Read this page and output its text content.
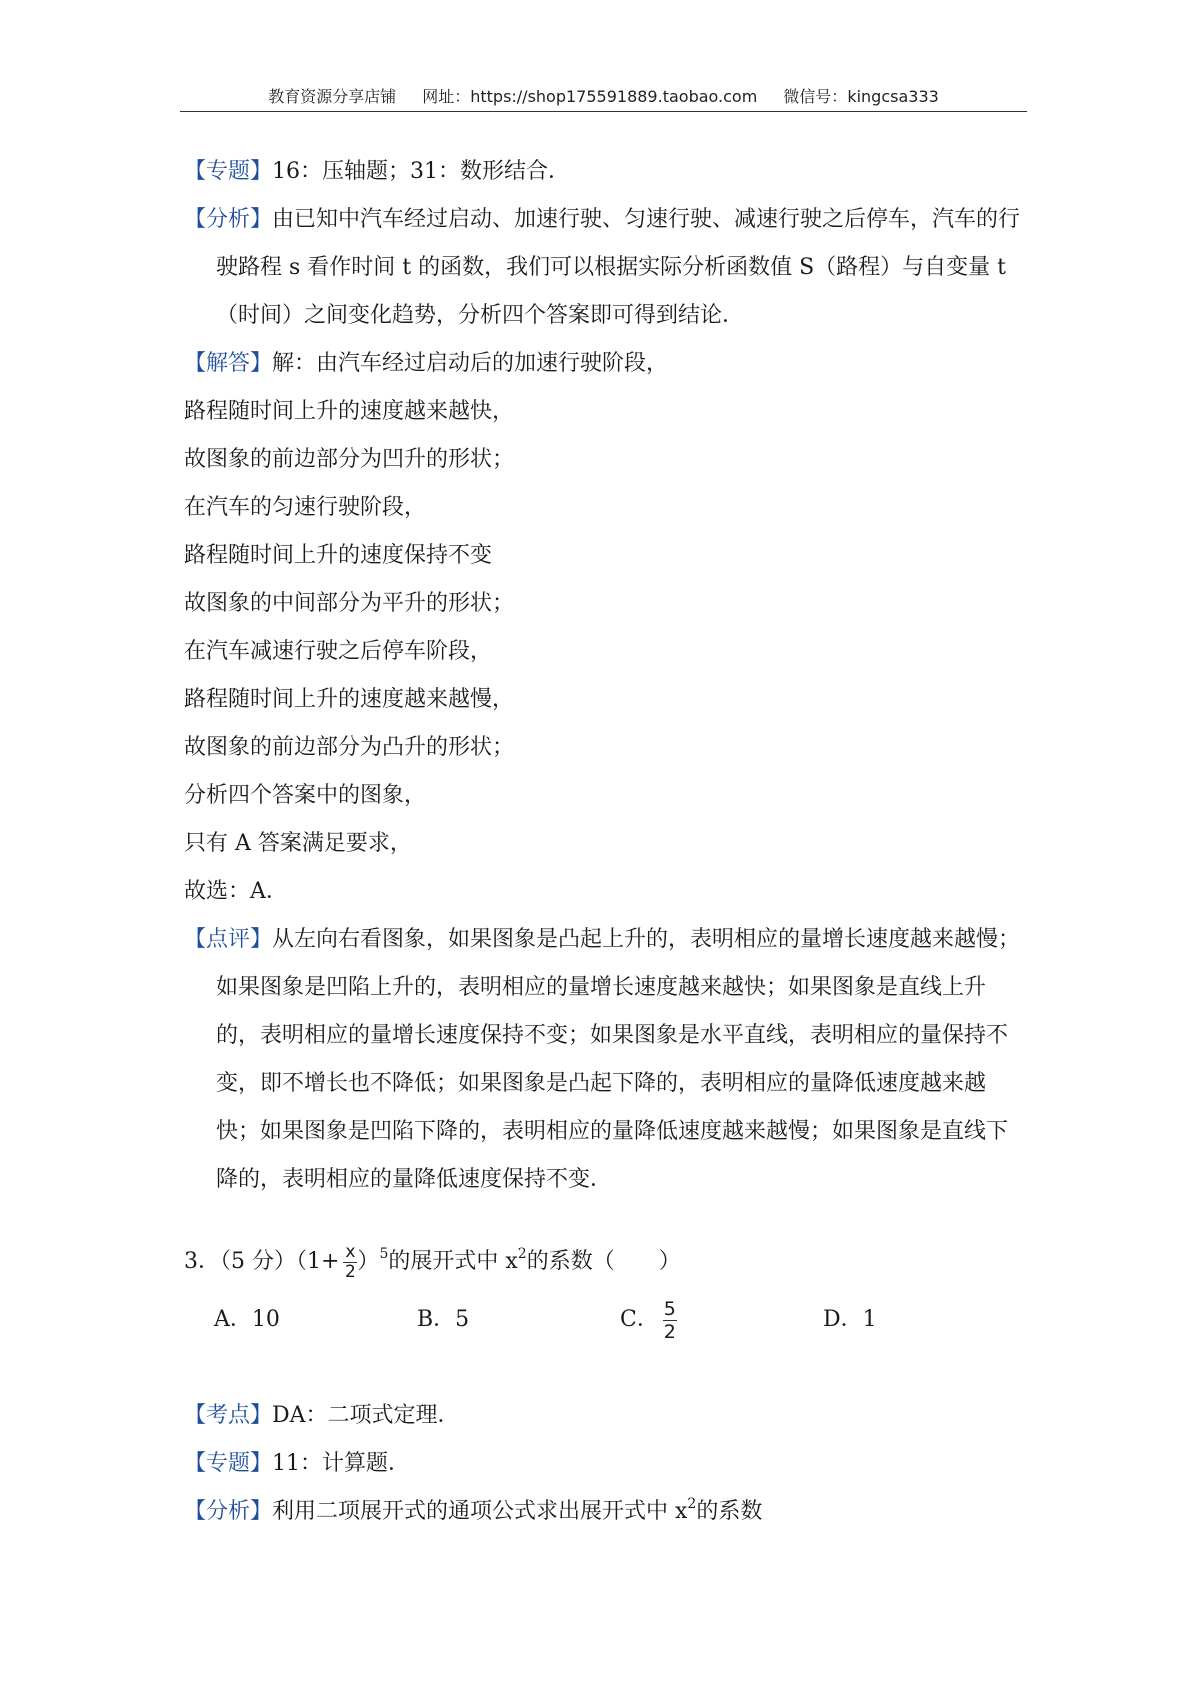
教育资源分享店铺 网址：https://shop175591889.taobao.com 微信号：kingcsa333

【专题】16：压轴题；31：数形结合．

【分析】由已知中汽车经过启动、加速行驶、匀速行驶、减速行驶之后停车，汽车的行驶路程 s 看作时间 t 的函数，我们可以根据实际分析函数值 S（路程）与自变量 t（时间）之间变化趋势，分析四个答案即可得到结论．

【解答】解：由汽车经过启动后的加速行驶阶段，

路程随时间上升的速度越来越快，

故图象的前边部分为凹升的形状；

在汽车的匀速行驶阶段，

路程随时间上升的速度保持不变

故图象的中间部分为平升的形状；

在汽车减速行驶之后停车阶段，

路程随时间上升的速度越来越慢，

故图象的前边部分为凸升的形状；

分析四个答案中的图象，

只有 A 答案满足要求，

故选：A．

【点评】从左向右看图象，如果图象是凸起上升的，表明相应的量增长速度越来越慢；如果图象是凹陷上升的，表明相应的量增长速度越来越快；如果图象是直线上升的，表明相应的量增长速度保持不变；如果图象是水平直线，表明相应的量保持不变，即不增长也不降低；如果图象是凸起下降的，表明相应的量降低速度越来越快；如果图象是凹陷下降的，表明相应的量降低速度越来越慢；如果图象是直线下降的，表明相应的量降低速度保持不变．

3．（5 分）$(1+ \frac{x}{2} )^5$的展开式中 $x^2$的系数（　　）

A．10	B．5	C． $\frac{5}{2}$	D．1

【考点】DA：二项式定理．

【专题】11：计算题．

【分析】利用二项展开式的通项公式求出展开式中 $x^2$的系数
